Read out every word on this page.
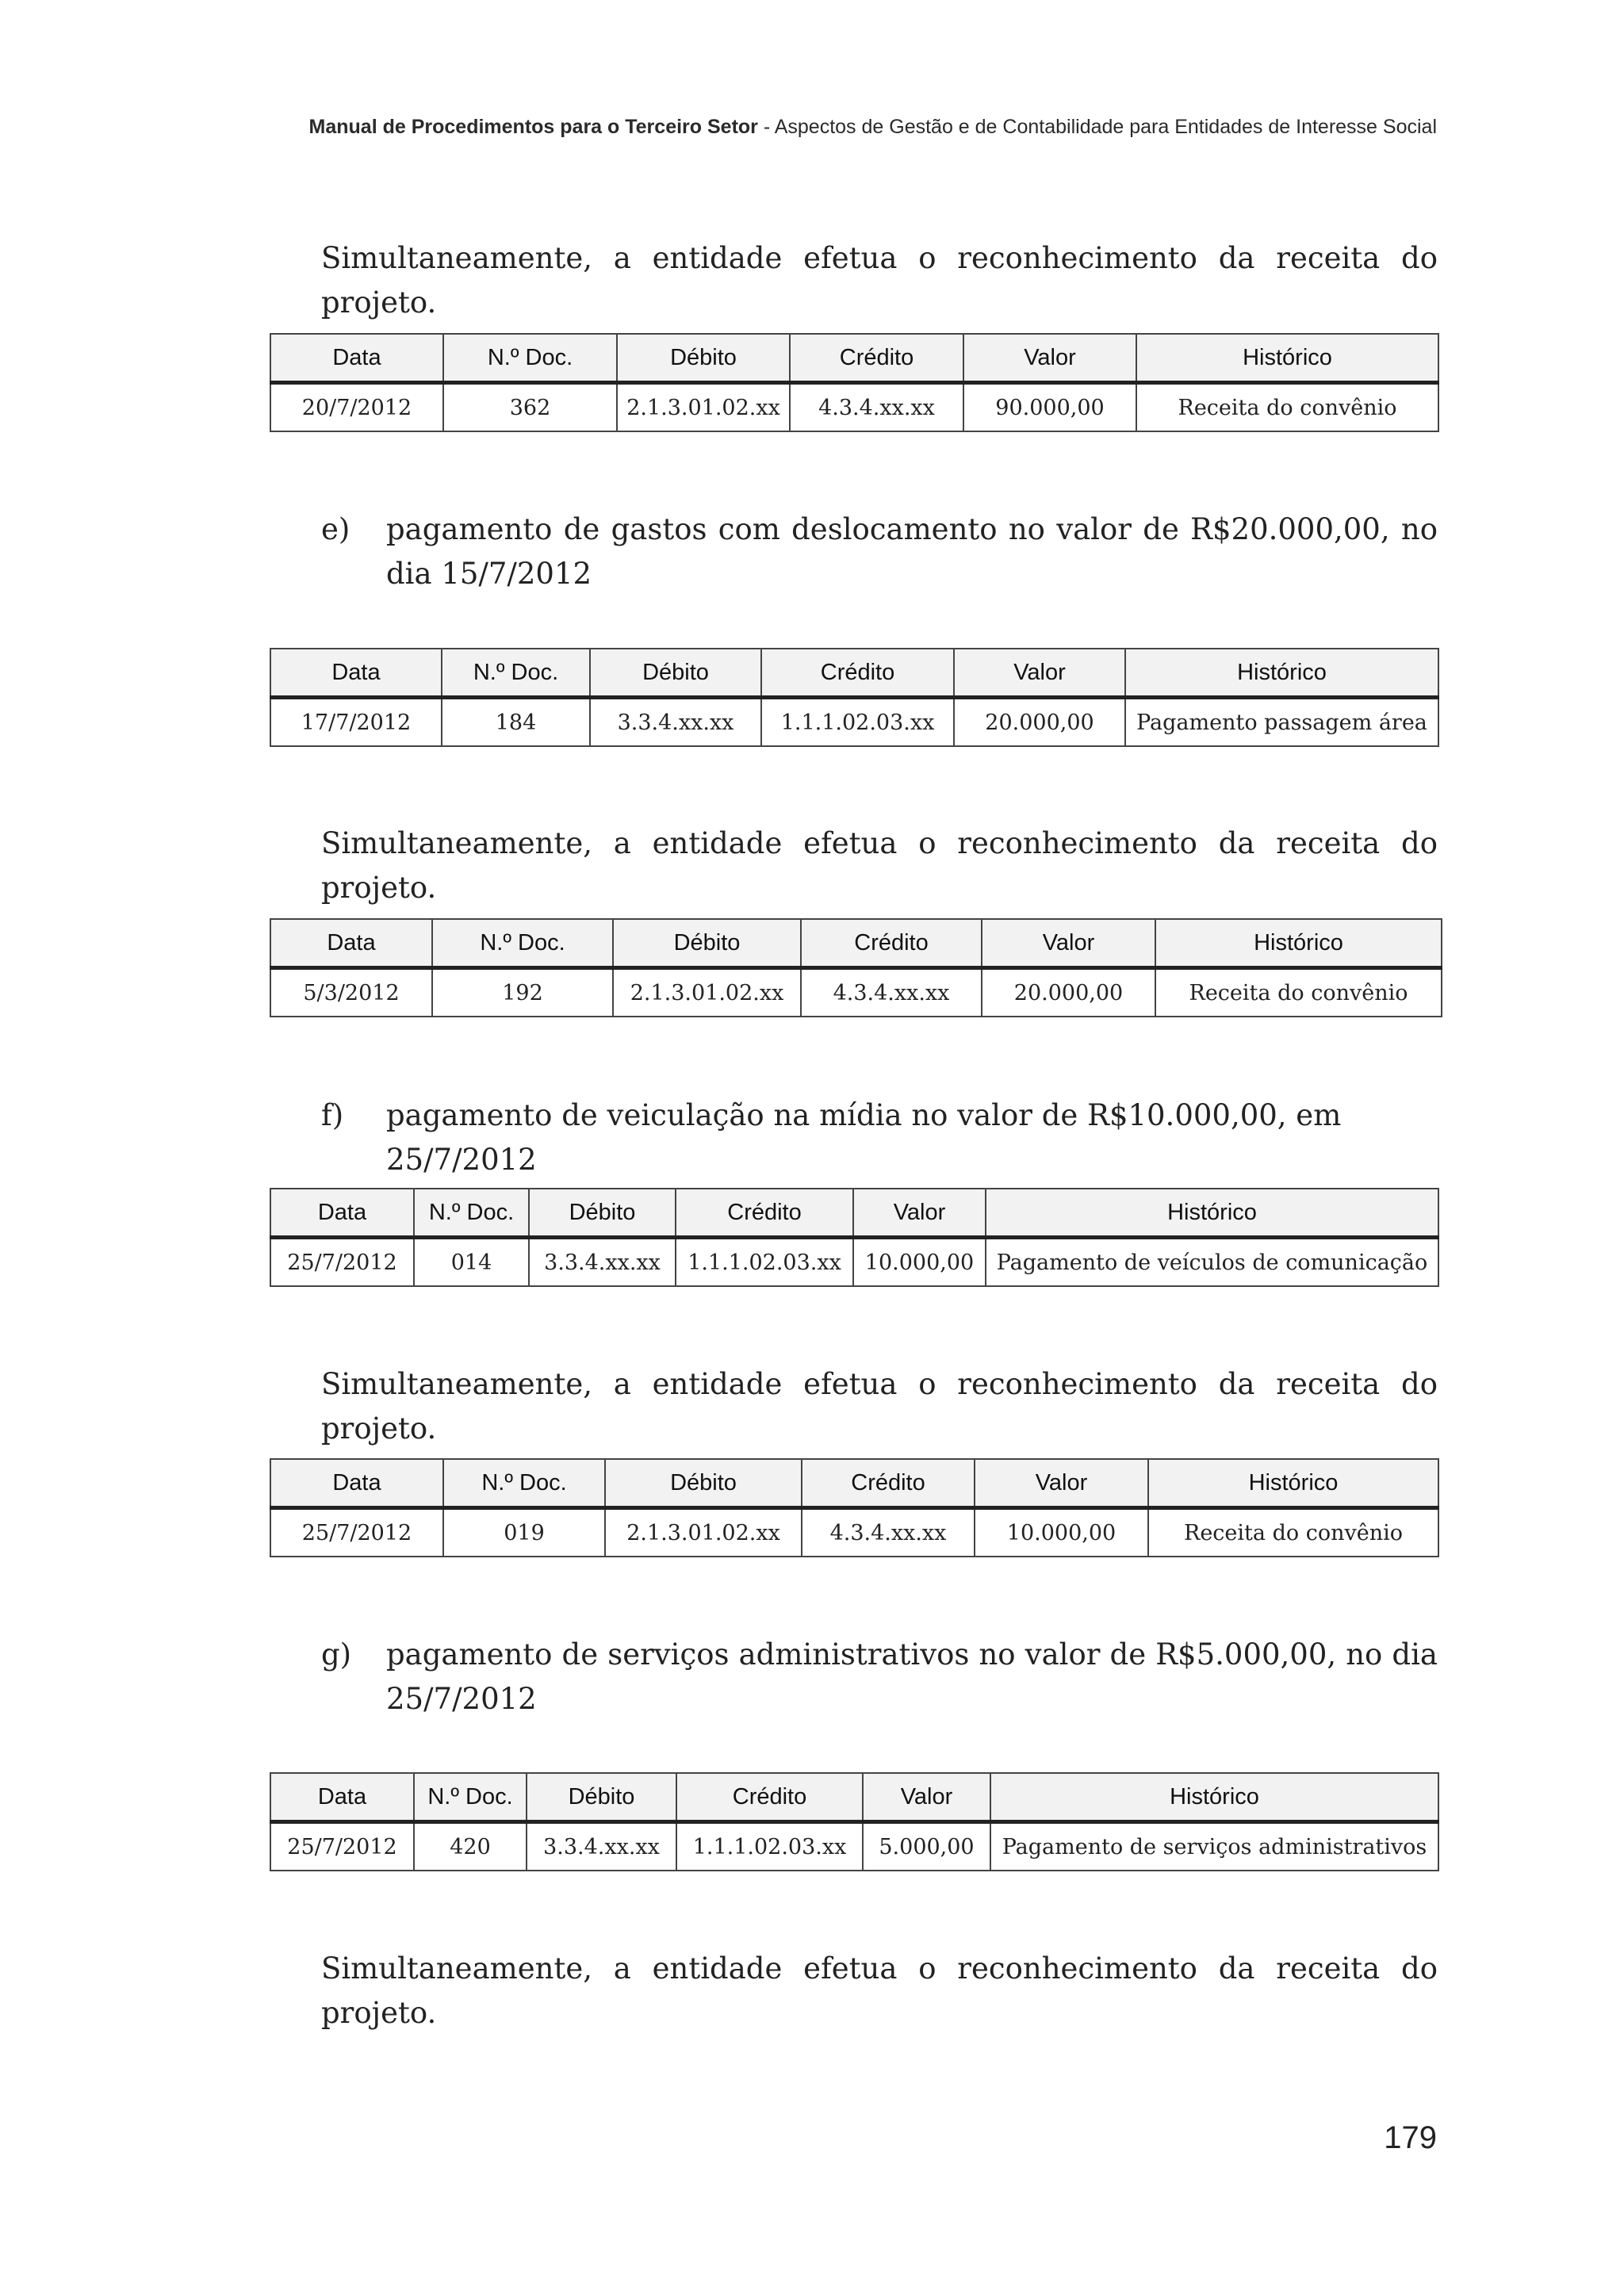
Manual de Procedimentos para o Terceiro Setor - Aspectos de Gestão e de Contabilidade para Entidades de Interesse Social

Simultaneamente, a entidade efetua o reconhecimento da receita do projeto.

Data	N.º Doc.	Débito	Crédito	Valor	Histórico
20/7/2012	362	2.1.3.01.02.xx	4.3.4.xx.xx	90.000,00	Receita do convênio
e) pagamento de gastos com deslocamento no valor de R$20.000,00, no dia 15/7/2012
Data	N.º Doc.	Débito	Crédito	Valor	Histórico
17/7/2012	184	3.3.4.xx.xx	1.1.1.02.03.xx	20.000,00	Pagamento passagem área

Simultaneamente, a entidade efetua o reconhecimento da receita do projeto.

Data	N.º Doc.	Débito	Crédito	Valor	Histórico
5/3/2012	192	2.1.3.01.02.xx	4.3.4.xx.xx	20.000,00	Receita do convênio
f) pagamento de veiculação na mídia no valor de R$10.000,00, em 25/7/2012
Data	N.º Doc.	Débito	Crédito	Valor	Histórico
25/7/2012	014	3.3.4.xx.xx	1.1.1.02.03.xx	10.000,00	Pagamento de veículos de comunicação

Simultaneamente, a entidade efetua o reconhecimento da receita do projeto.

Data	N.º Doc.	Débito	Crédito	Valor	Histórico
25/7/2012	019	2.1.3.01.02.xx	4.3.4.xx.xx	10.000,00	Receita do convênio
g) pagamento de serviços administrativos no valor de R$5.000,00, no dia 25/7/2012
Data	N.º Doc.	Débito	Crédito	Valor	Histórico
25/7/2012	420	3.3.4.xx.xx	1.1.1.02.03.xx	5.000,00	Pagamento de serviços administrativos

Simultaneamente, a entidade efetua o reconhecimento da receita do projeto.

179
